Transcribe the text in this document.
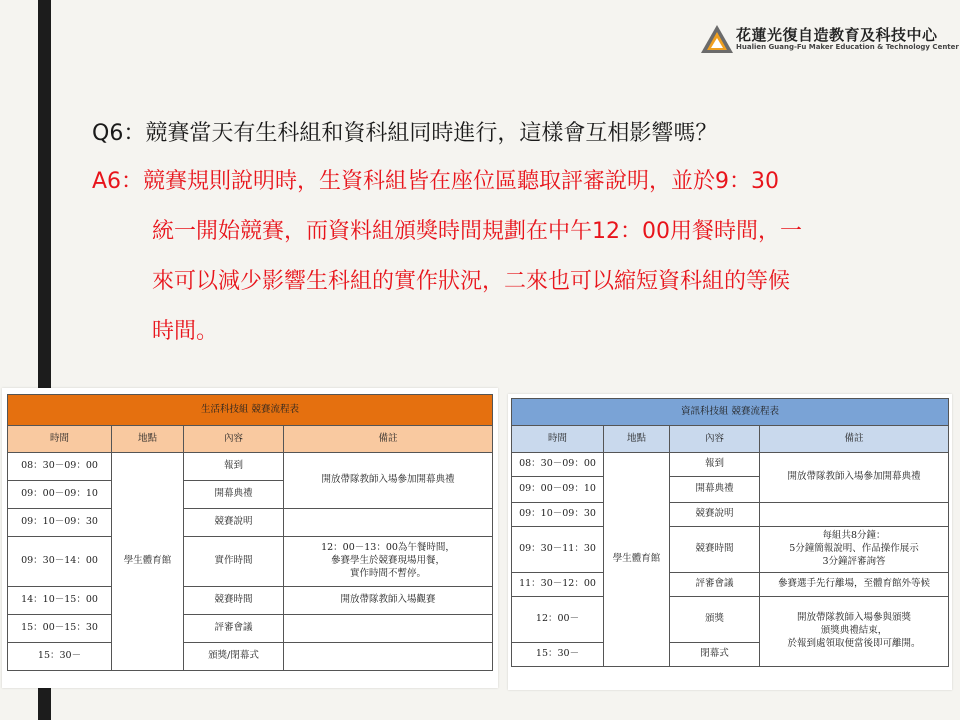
花蓮光復自造教育及科技中心
Hualien Guang-Fu Maker Education & Technology Center
Q6：競賽當天有生科組和資科組同時進行，這樣會互相影響嗎？
A6：競賽規則說明時，生資科組皆在座位區聽取評審說明，並於9：30
統一開始競賽，而資料組頒獎時間規劃在中午12：00用餐時間，一
來可以減少影響生科組的實作狀況，二來也可以縮短資科組的等候
時間。
生活科技組 競賽流程表			
時間	地點	內容	備註
08：30－09：00	學生體育館	報到	開放帶隊教師入場參加開幕典禮
09：00－09：10		開幕典禮	
09：10－09：30		競賽說明	
09：30－14：00		實作時間	12：00－13：00為午餐時間，
參賽學生於競賽現場用餐，
實作時間不暫停。

14：10－15：00		競賽時間	開放帶隊教師入場觀賽
15：00－15：30		評審會議	
15：30－		頒獎/閉幕式	
資訊科技組 競賽流程表			
時間	地點	內容	備註
08：30－09：00	學生體育館	報到	開放帶隊教師入場參加開幕典禮
09：00－09：10		開幕典禮	
09：10－09：30		競賽說明	
09：30－11：30		競賽時間	每組共8分鐘：
5分鐘簡報說明、作品操作展示
3分鐘評審詢答

11：30－12：00		評審會議	參賽選手先行離場，至體育館外等候
12：00－		頒獎	開放帶隊教師入場參與頒獎
頒獎典禮結束，
於報到處領取便當後即可離開。

15：30－		閉幕式	
